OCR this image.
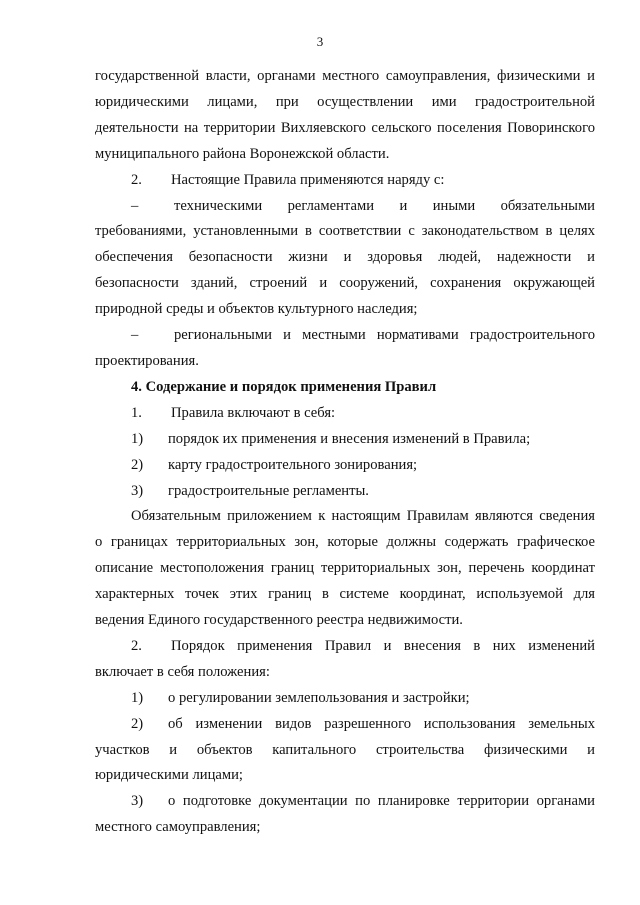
3
государственной власти, органами местного самоуправления, физическими и
юридическими лицами, при осуществлении ими градостроительной
деятельности на территории Вихляевского сельского поселения Поворинского
муниципального района Воронежской области.
2.	Настоящие Правила применяются наряду с:
–	техническими регламентами и иными обязательными
требованиями, установленными в соответствии с законодательством в целях
обеспечения безопасности жизни и здоровья людей, надежности и
безопасности зданий, строений и сооружений, сохранения окружающей
природной среды и объектов культурного наследия;
–	региональными и местными нормативами градостроительного
проектирования.

4. Содержание и порядок применения Правил

1.	Правила включают в себя:
1)	порядок их применения и внесения изменений в Правила;
2)	карту градостроительного зонирования;
3)	градостроительные регламенты.
Обязательным приложением к настоящим Правилам являются сведения
о границах территориальных зон, которые должны содержать графическое
описание местоположения границ территориальных зон, перечень координат
характерных точек этих границ в системе координат, используемой для
ведения Единого государственного реестра недвижимости.
2.	Порядок применения Правил и внесения в них изменений
включает в себя положения:
1)	о регулировании землепользования и застройки;
2)	об изменении видов разрешенного использования земельных
участков и объектов капитального строительства физическими и
юридическими лицами;
3)	о подготовке документации по планировке территории органами
местного самоуправления;
